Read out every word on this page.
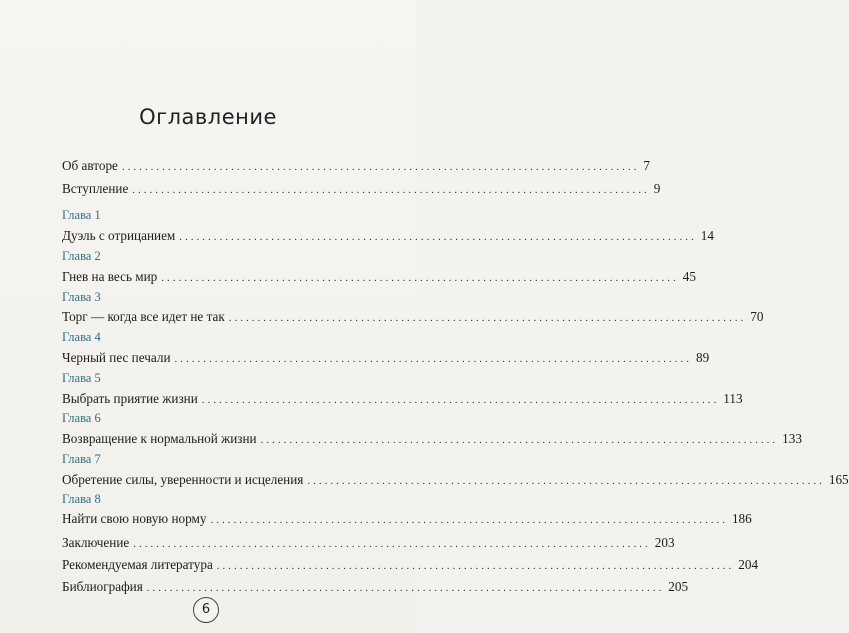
Оглавление
Об авторе .......................................................................................... 7
Вступление .......................................................................................... 9
Глава 1
Дуэль с отрицанием .......................................................................................... 14
Глава 2
Гнев на весь мир .......................................................................................... 45
Глава 3
Торг — когда все идет не так .......................................................................................... 70
Глава 4
Черный пес печали .......................................................................................... 89
Глава 5
Выбрать приятие жизни .......................................................................................... 113
Глава 6
Возвращение к нормальной жизни .......................................................................................... 133
Глава 7
Обретение силы, уверенности и исцеления .......................................................................................... 165
Глава 8
Найти свою новую норму .......................................................................................... 186
Заключение .......................................................................................... 203
Рекомендуемая литература .......................................................................................... 204
Библиография .......................................................................................... 205
6
